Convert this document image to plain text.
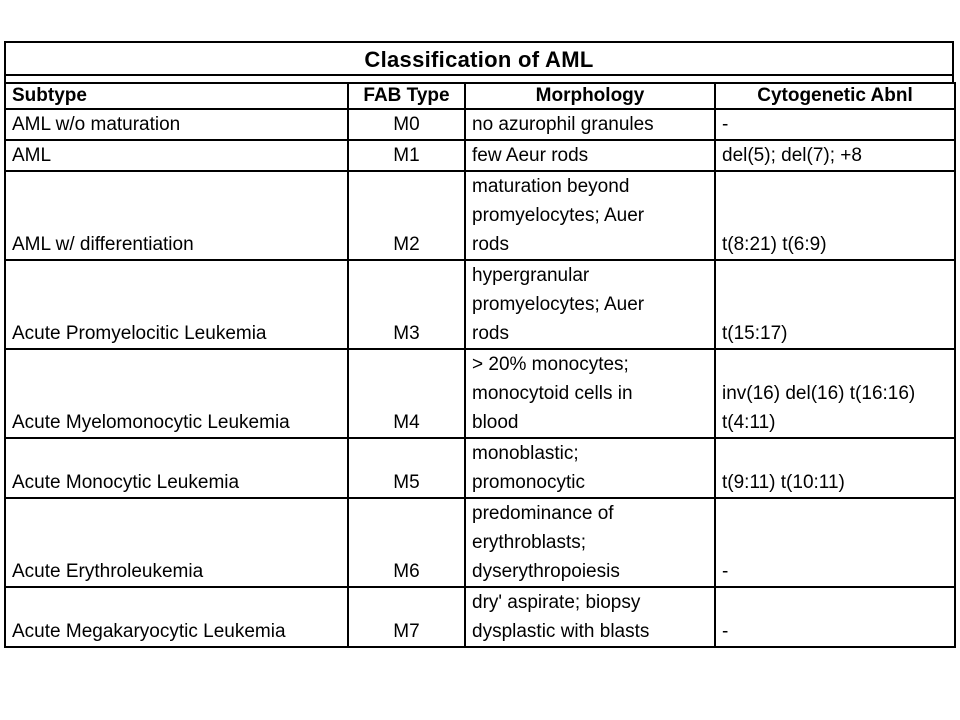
Classification of AML
Subtype	FAB Type	Morphology	Cytogenetic Abnl
AML w/o maturation	M0	no azurophil granules	-

AML	M1	few Aeur rods	del(5); del(7); +8

AML w/ differentiation	M2	maturation beyond
promyelocytes; Auer
rods	t(8:21) t(6:9)

Acute Promyelocitic Leukemia	M3	hypergranular
promyelocytes; Auer
rods	t(15:17)

Acute Myelomonocytic Leukemia	M4	> 20% monocytes;
monocytoid cells in
blood	inv(16) del(16) t(16:16)
t(4:11)

Acute Monocytic Leukemia	M5	monoblastic;
promonocytic	t(9:11) t(10:11)

Acute Erythroleukemia	M6	predominance of
erythroblasts;
dyserythropoiesis	-

Acute Megakaryocytic Leukemia	M7	dry' aspirate; biopsy
dysplastic with blasts	-
